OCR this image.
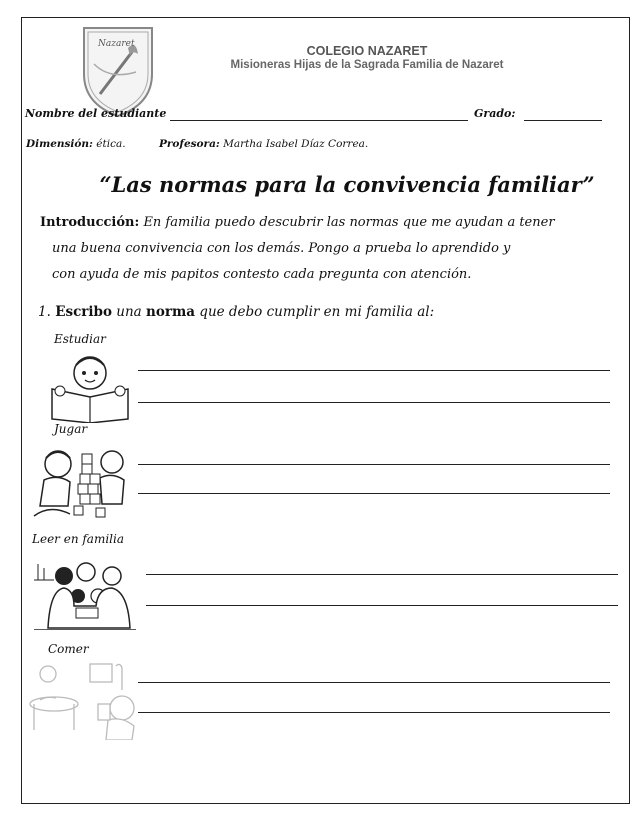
Nazaret	COLEGIO NAZARET
Misioneras Hijas de la Sagrada Familia de Nazaret
Nombre del estudiante	Grado:
Dimensión: ética.	Profesora: Martha Isabel Díaz Correa.
“Las normas para la convivencia familiar”
Introducción: En familia puedo descubrir las normas que me ayudan a tener
una buena convivencia con los demás. Pongo a prueba lo aprendido y
con ayuda de mis papitos contesto cada pregunta con atención.
1. Escribo una norma que debo cumplir en mi familia al:
Estudiar
Jugar
Leer en familia
Comer
